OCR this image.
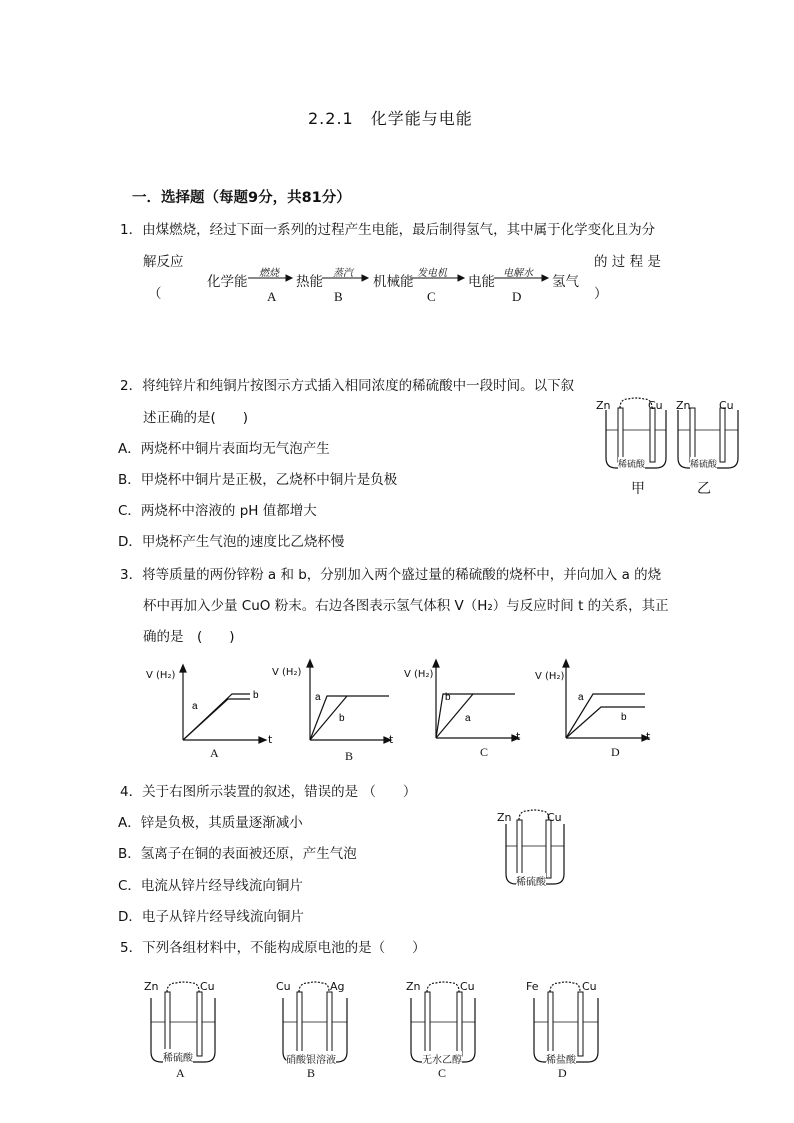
2.2.1　化学能与电能
一．选择题（每题9分，共81分）
1．由煤燃烧，经过下面一系列的过程产生电能，最后制得氢气，其中属于化学变化且为分
解反应	的 过 程 是
（	）
化学能	热能	机械能	电能	氢气
燃烧	蒸汽	发电机	电解水
A	B	C	D
2．将纯锌片和纯铜片按图示方式插入相同浓度的稀硫酸中一段时间。以下叙
述正确的是(　　)
A．两烧杯中铜片表面均无气泡产生
B．甲烧杯中铜片是正极，乙烧杯中铜片是负极
C．两烧杯中溶液的 pH 值都增大
D．甲烧杯产生气泡的速度比乙烧杯慢
Zn	Cu
稀硫酸
甲
Zn	Cu
稀硫酸
乙
3．将等质量的两份锌粉 a 和 b，分别加入两个盛过量的稀硫酸的烧杯中，并向加入 a 的烧
杯中再加入少量 CuO 粉末。右边各图表示氢气体积 V（H₂）与反应时间 t 的关系，其正
确的是　(　　)
V (H₂)
a
b
t
A
V (H₂)
a
b
t
B
V (H₂)
b
a
t
C
V (H₂)
a
b
t
D
4．关于右图所示装置的叙述，错误的是 （　　）
A．锌是负极，其质量逐渐减小
B．氢离子在铜的表面被还原，产生气泡
C．电流从锌片经导线流向铜片
D．电子从锌片经导线流向铜片
Zn	Cu
稀硫酸
5．下列各组材料中，不能构成原电池的是（　　）
Zn	Cu
稀硫酸
A
Cu	Ag
硝酸银溶液
B
Zn	Cu
无水乙醇
C
Fe	Cu
稀盐酸
D
